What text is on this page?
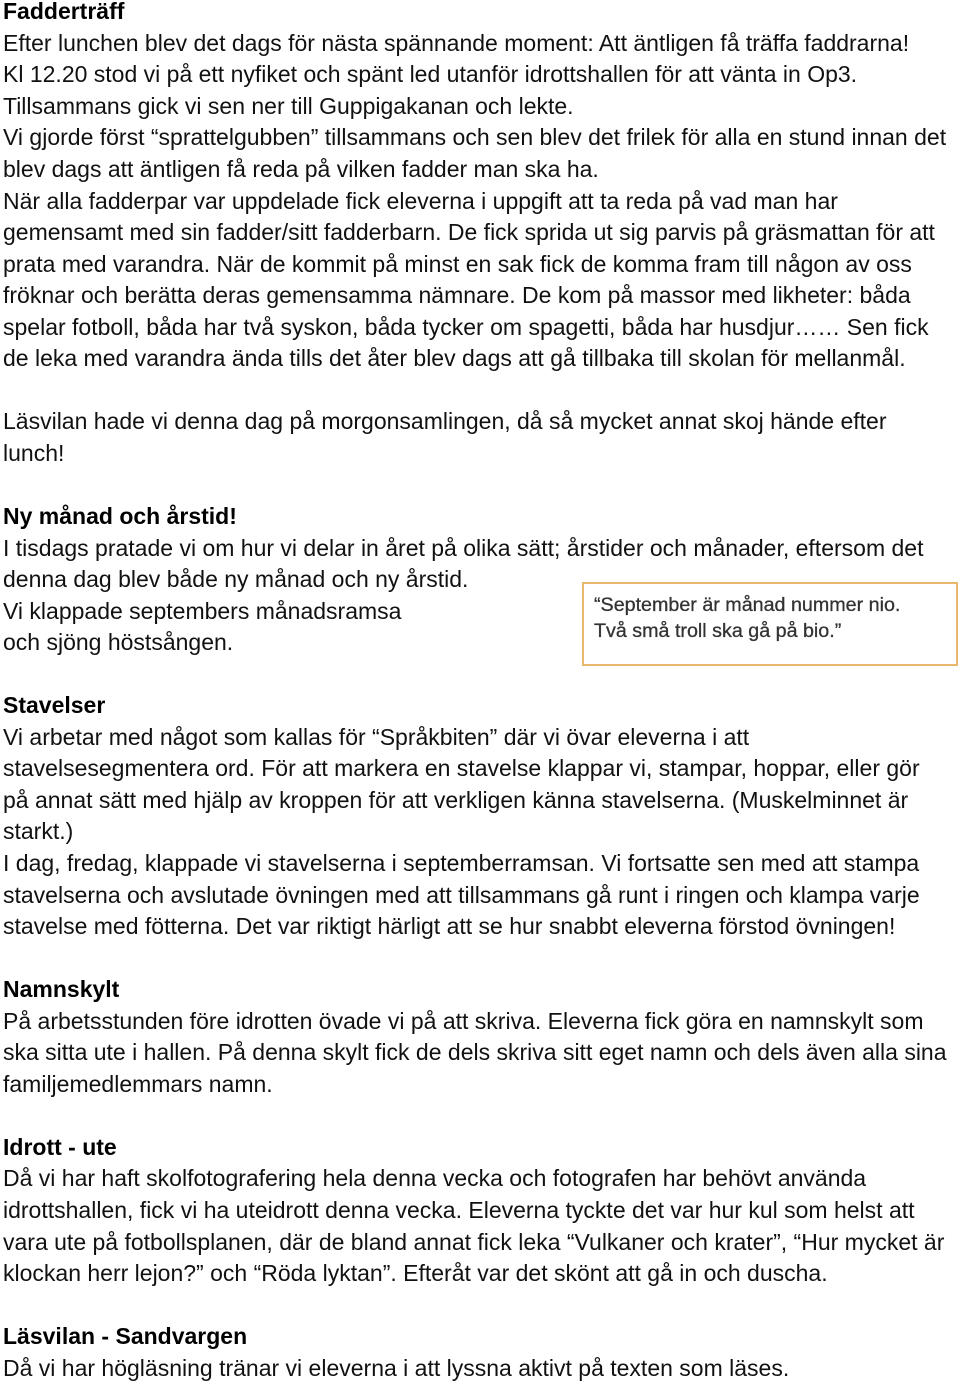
Fadderträff
Efter lunchen blev det dags för nästa spännande moment: Att äntligen få träffa faddrarna!
Kl 12.20 stod vi på ett nyfiket och spänt led utanför idrottshallen för att vänta in Op3.
Tillsammans gick vi sen ner till Guppigakanan och lekte.
Vi gjorde först “sprattelgubben” tillsammans och sen blev det frilek för alla en stund innan det
blev dags att äntligen få reda på vilken fadder man ska ha.
När alla fadderpar var uppdelade fick eleverna i uppgift att ta reda på vad man har
gemensamt med sin fadder/sitt fadderbarn. De fick sprida ut sig parvis på gräsmattan för att
prata med varandra. När de kommit på minst en sak fick de komma fram till någon av oss
fröknar och berätta deras gemensamma nämnare. De kom på massor med likheter: båda
spelar fotboll, båda har två syskon, båda tycker om spagetti, båda har husdjur…… Sen fick
de leka med varandra ända tills det åter blev dags att gå tillbaka till skolan för mellanmål.
Läsvilan hade vi denna dag på morgonsamlingen, då så mycket annat skoj hände efter
lunch!
Ny månad och årstid!
I tisdags pratade vi om hur vi delar in året på olika sätt; årstider och månader, eftersom det
denna dag blev både ny månad och ny årstid.
Vi klappade septembers månadsramsa
och sjöng höstsången.
Stavelser
Vi arbetar med något som kallas för “Språkbiten” där vi övar eleverna i att
stavelsesegmentera ord. För att markera en stavelse klappar vi, stampar, hoppar, eller gör
på annat sätt med hjälp av kroppen för att verkligen känna stavelserna. (Muskelminnet är
starkt.)
I dag, fredag, klappade vi stavelserna i septemberramsan. Vi fortsatte sen med att stampa
stavelserna och avslutade övningen med att tillsammans gå runt i ringen och klampa varje
stavelse med fötterna. Det var riktigt härligt att se hur snabbt eleverna förstod övningen!
Namnskylt
På arbetsstunden före idrotten övade vi på att skriva. Eleverna fick göra en namnskylt som
ska sitta ute i hallen. På denna skylt fick de dels skriva sitt eget namn och dels även alla sina
familjemedlemmars namn.
Idrott - ute
Då vi har haft skolfotografering hela denna vecka och fotografen har behövt använda
idrottshallen, fick vi ha uteidrott denna vecka. Eleverna tyckte det var hur kul som helst att
vara ute på fotbollsplanen, där de bland annat fick leka “Vulkaner och krater”, “Hur mycket är
klockan herr lejon?” och “Röda lyktan”. Efteråt var det skönt att gå in och duscha.
Läsvilan - Sandvargen
Då vi har högläsning tränar vi eleverna i att lyssna aktivt på texten som läses.
“September är månad nummer nio.
Två små troll ska gå på bio.”
